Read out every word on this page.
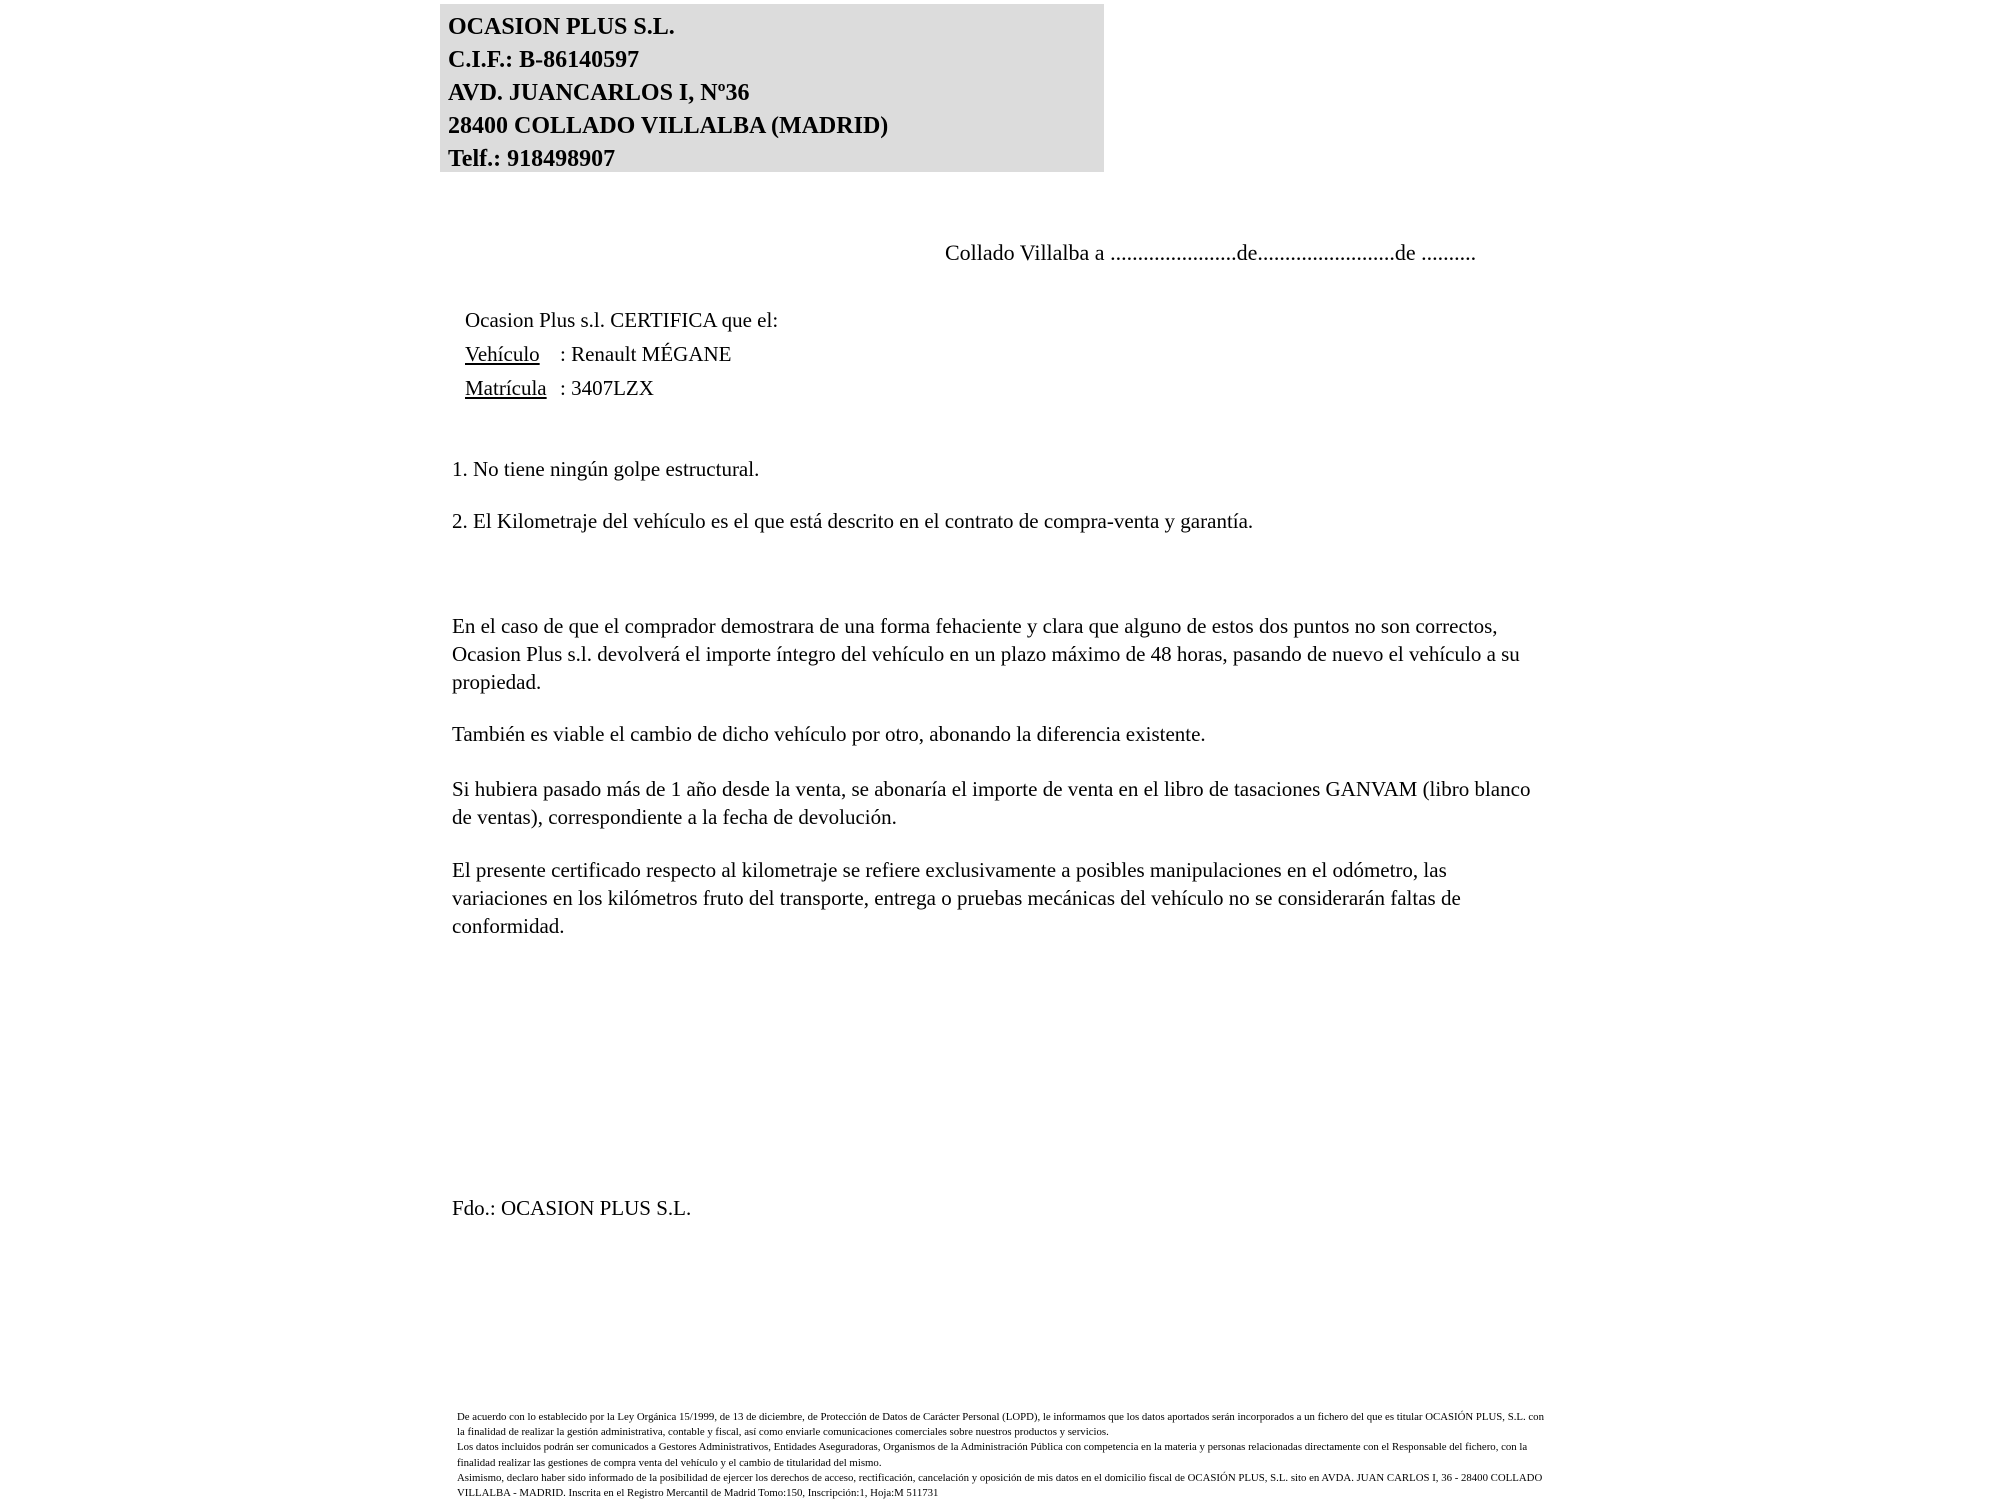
OCASION PLUS S.L.
C.I.F.: B-86140597
AVD. JUANCARLOS I, Nº36
28400 COLLADO VILLALBA (MADRID)
Telf.: 918498907
Collado Villalba a .......................de.........................de ..........
Ocasion Plus s.l. CERTIFICA que el:
Vehículo : Renault MÉGANE
Matrícula : 3407LZX
1. No tiene ningún golpe estructural.
2. El Kilometraje del vehículo es el que está descrito en el contrato de compra-venta y garantía.
En el caso de que el comprador demostrara de una forma fehaciente y clara que alguno de estos dos puntos no son correctos, Ocasion Plus s.l. devolverá el importe íntegro del vehículo en un plazo máximo de 48 horas, pasando de nuevo el vehículo a su propiedad.
También es viable el cambio de dicho vehículo por otro, abonando la diferencia existente.
Si hubiera pasado más de 1 año desde la venta, se abonaría el importe de venta en el libro de tasaciones GANVAM (libro blanco de ventas), correspondiente a la fecha de devolución.
El presente certificado respecto al kilometraje se refiere exclusivamente a posibles manipulaciones en el odómetro, las variaciones en los kilómetros fruto del transporte, entrega o pruebas mecánicas del vehículo no se considerarán faltas de conformidad.
Fdo.: OCASION PLUS S.L.

De acuerdo con lo establecido por la Ley Orgánica 15/1999, de 13 de diciembre, de Protección de Datos de Carácter Personal (LOPD), le informamos que los datos aportados serán incorporados a un fichero del que es titular OCASIÓN PLUS, S.L. con la finalidad de realizar la gestión administrativa, contable y fiscal, así como enviarle comunicaciones comerciales sobre nuestros productos y servicios.

Los datos incluidos podrán ser comunicados a Gestores Administrativos, Entidades Aseguradoras, Organismos de la Administración Pública con competencia en la materia y personas relacionadas directamente con el Responsable del fichero, con la finalidad realizar las gestiones de compra venta del vehículo y el cambio de titularidad del mismo.

Asimismo, declaro haber sido informado de la posibilidad de ejercer los derechos de acceso, rectificación, cancelación y oposición de mis datos en el domicilio fiscal de OCASIÓN PLUS, S.L. sito en AVDA. JUAN CARLOS I, 36 - 28400 COLLADO VILLALBA - MADRID. Inscrita en el Registro Mercantil de Madrid Tomo:150, Inscripción:1, Hoja:M 511731
